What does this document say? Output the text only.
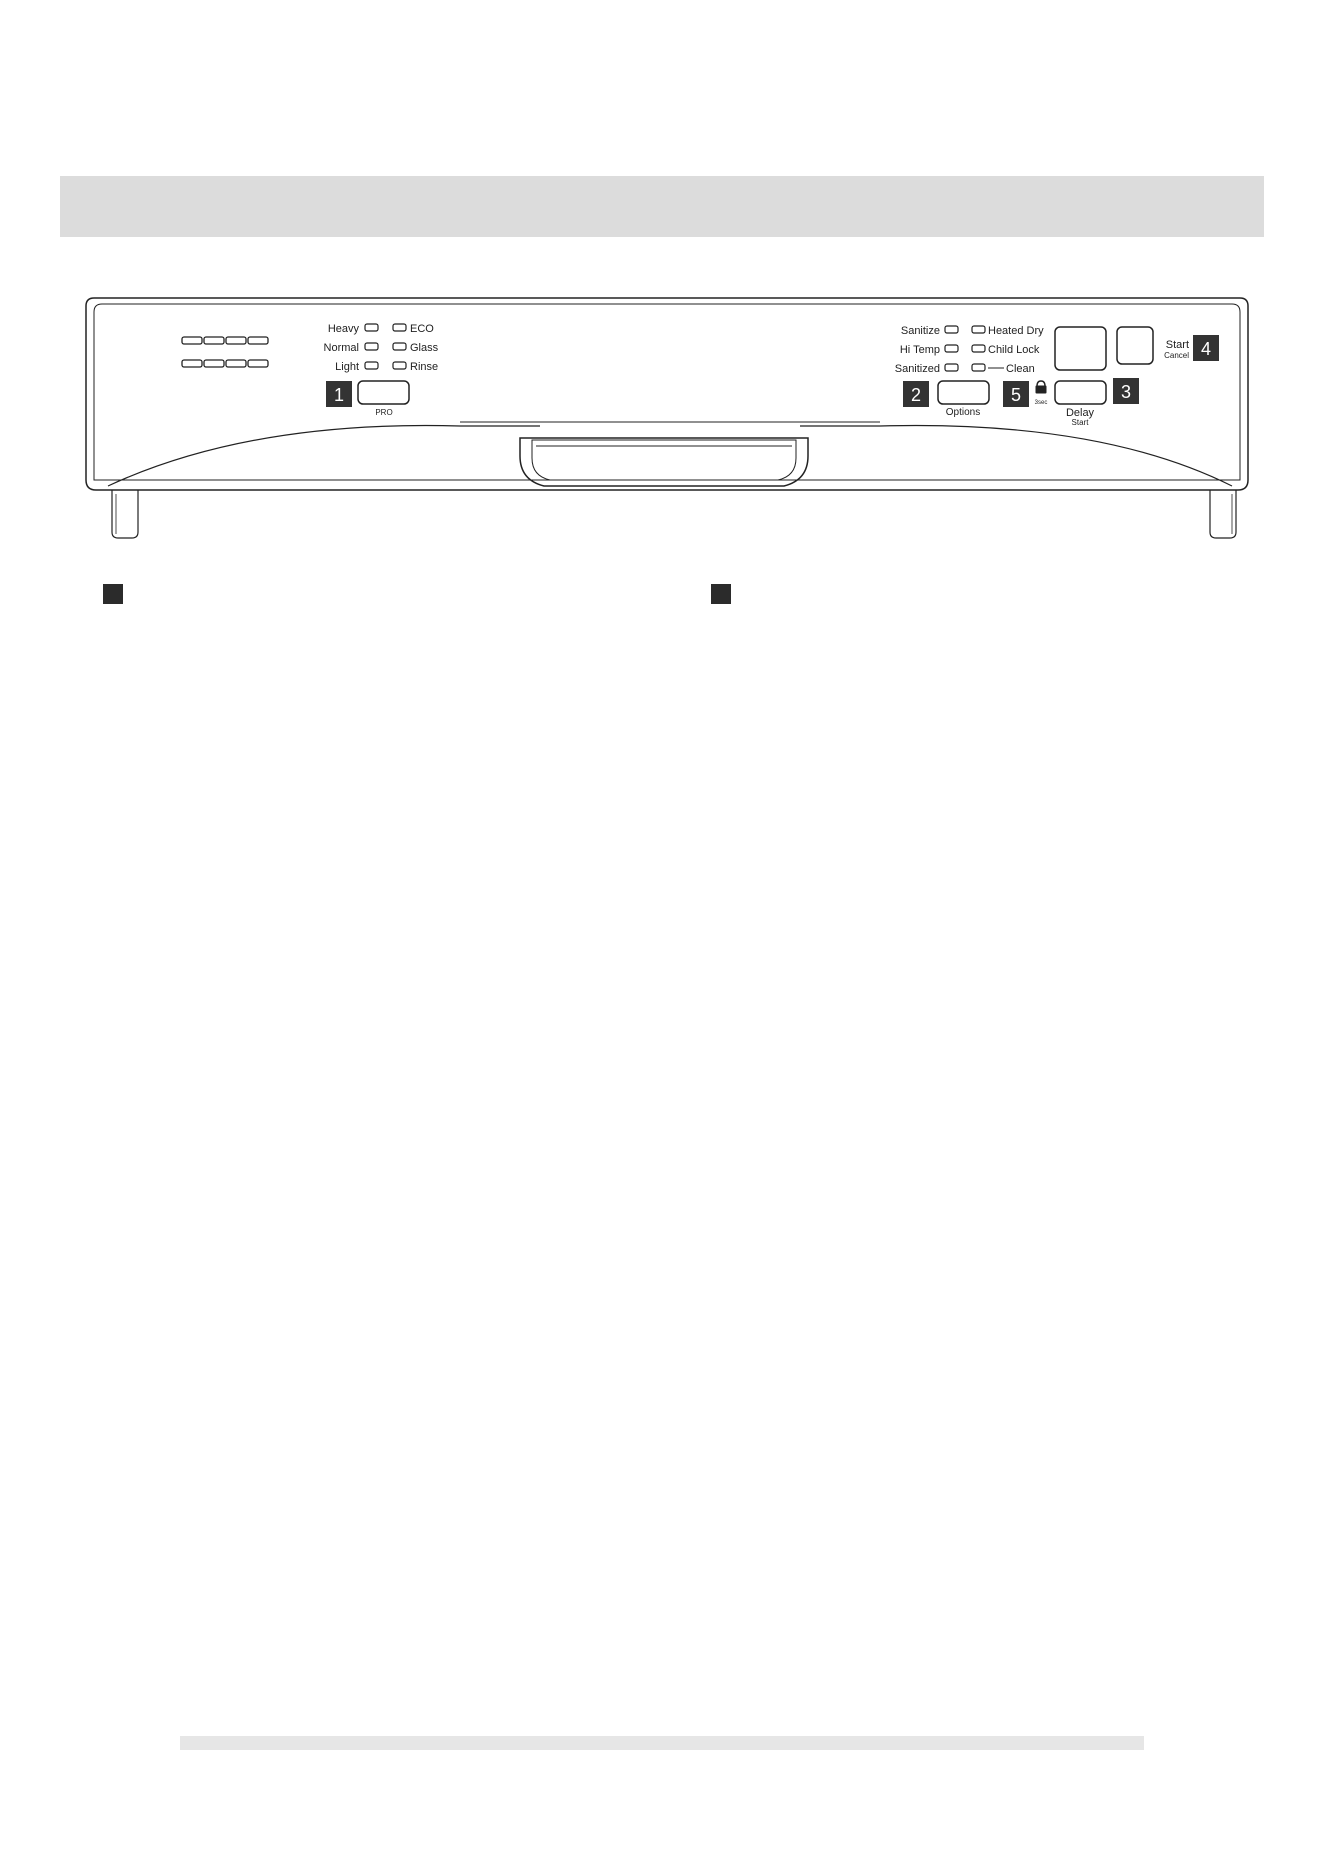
Heavy
Normal
Light
ECO
Glass
Rinse
PRO
1
Sanitize
Hi Temp
Sanitized
Heated Dry
Child Lock
Clean
Options
2	5 3sec
Delay
Start
3
Start
Cancel 4
